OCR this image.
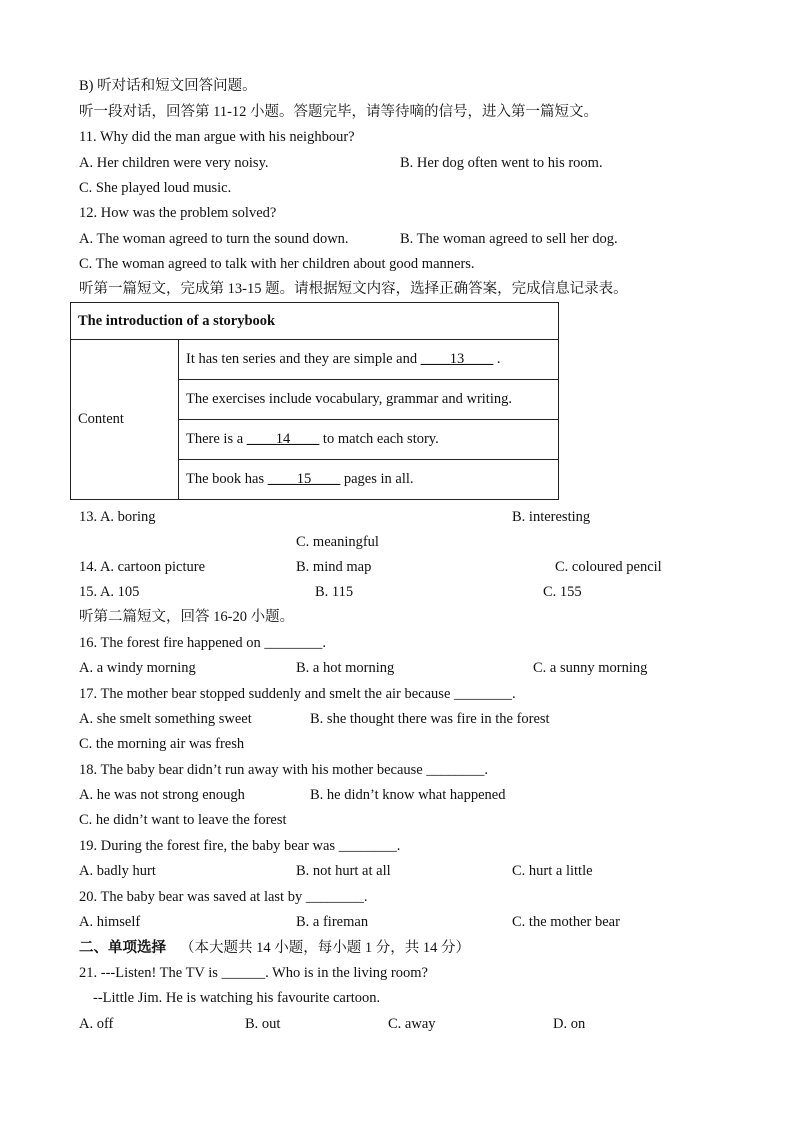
B) 听对话和短文回答问题。
听一段对话，回答第 11-12 小题。答题完毕，请等待嘀的信号，进入第一篇短文。
11. Why did the man argue with his neighbour?
A. Her children were very noisy.	B. Her dog often went to his room.
C. She played loud music.
12. How was the problem solved?
A. The woman agreed to turn the sound down.	B. The woman agreed to sell her dog.
C. The woman agreed to talk with her children about good manners.
听第一篇短文，完成第 13-15 题。请根据短文内容，选择正确答案，完成信息记录表。
The introduction of a storybook
Content	It has ten series and they are simple and ____13____ .
The exercises include vocabulary, grammar and writing.
There is a ____14____ to match each story.
The book has ____15____ pages in all.
13. A. boring	B. interesting
C. meaningful
14. A. cartoon picture	B. mind map	C. coloured pencil
15. A. 105	B. 115	C. 155
听第二篇短文，回答 16-20 小题。
16. The forest fire happened on ________.
A. a windy morning	B. a hot morning	C. a sunny morning
17. The mother bear stopped suddenly and smelt the air because ________.
A. she smelt something sweet	B. she thought there was fire in the forest
C. the morning air was fresh
18. The baby bear didn’t run away with his mother because ________.
A. he was not strong enough	B. he didn’t know what happened
C. he didn’t want to leave the forest
19. During the forest fire, the baby bear was ________.
A. badly hurt	B. not hurt at all	C. hurt a little
20. The baby bear was saved at last by ________.
A. himself	B. a fireman	C. the mother bear
二、单项选择 （本大题共 14 小题，每小题 1 分，共 14 分）
21. ---Listen! The TV is ______. Who is in the living room?
--Little Jim. He is watching his favourite cartoon.
A. off	B. out	C. away	D. on
